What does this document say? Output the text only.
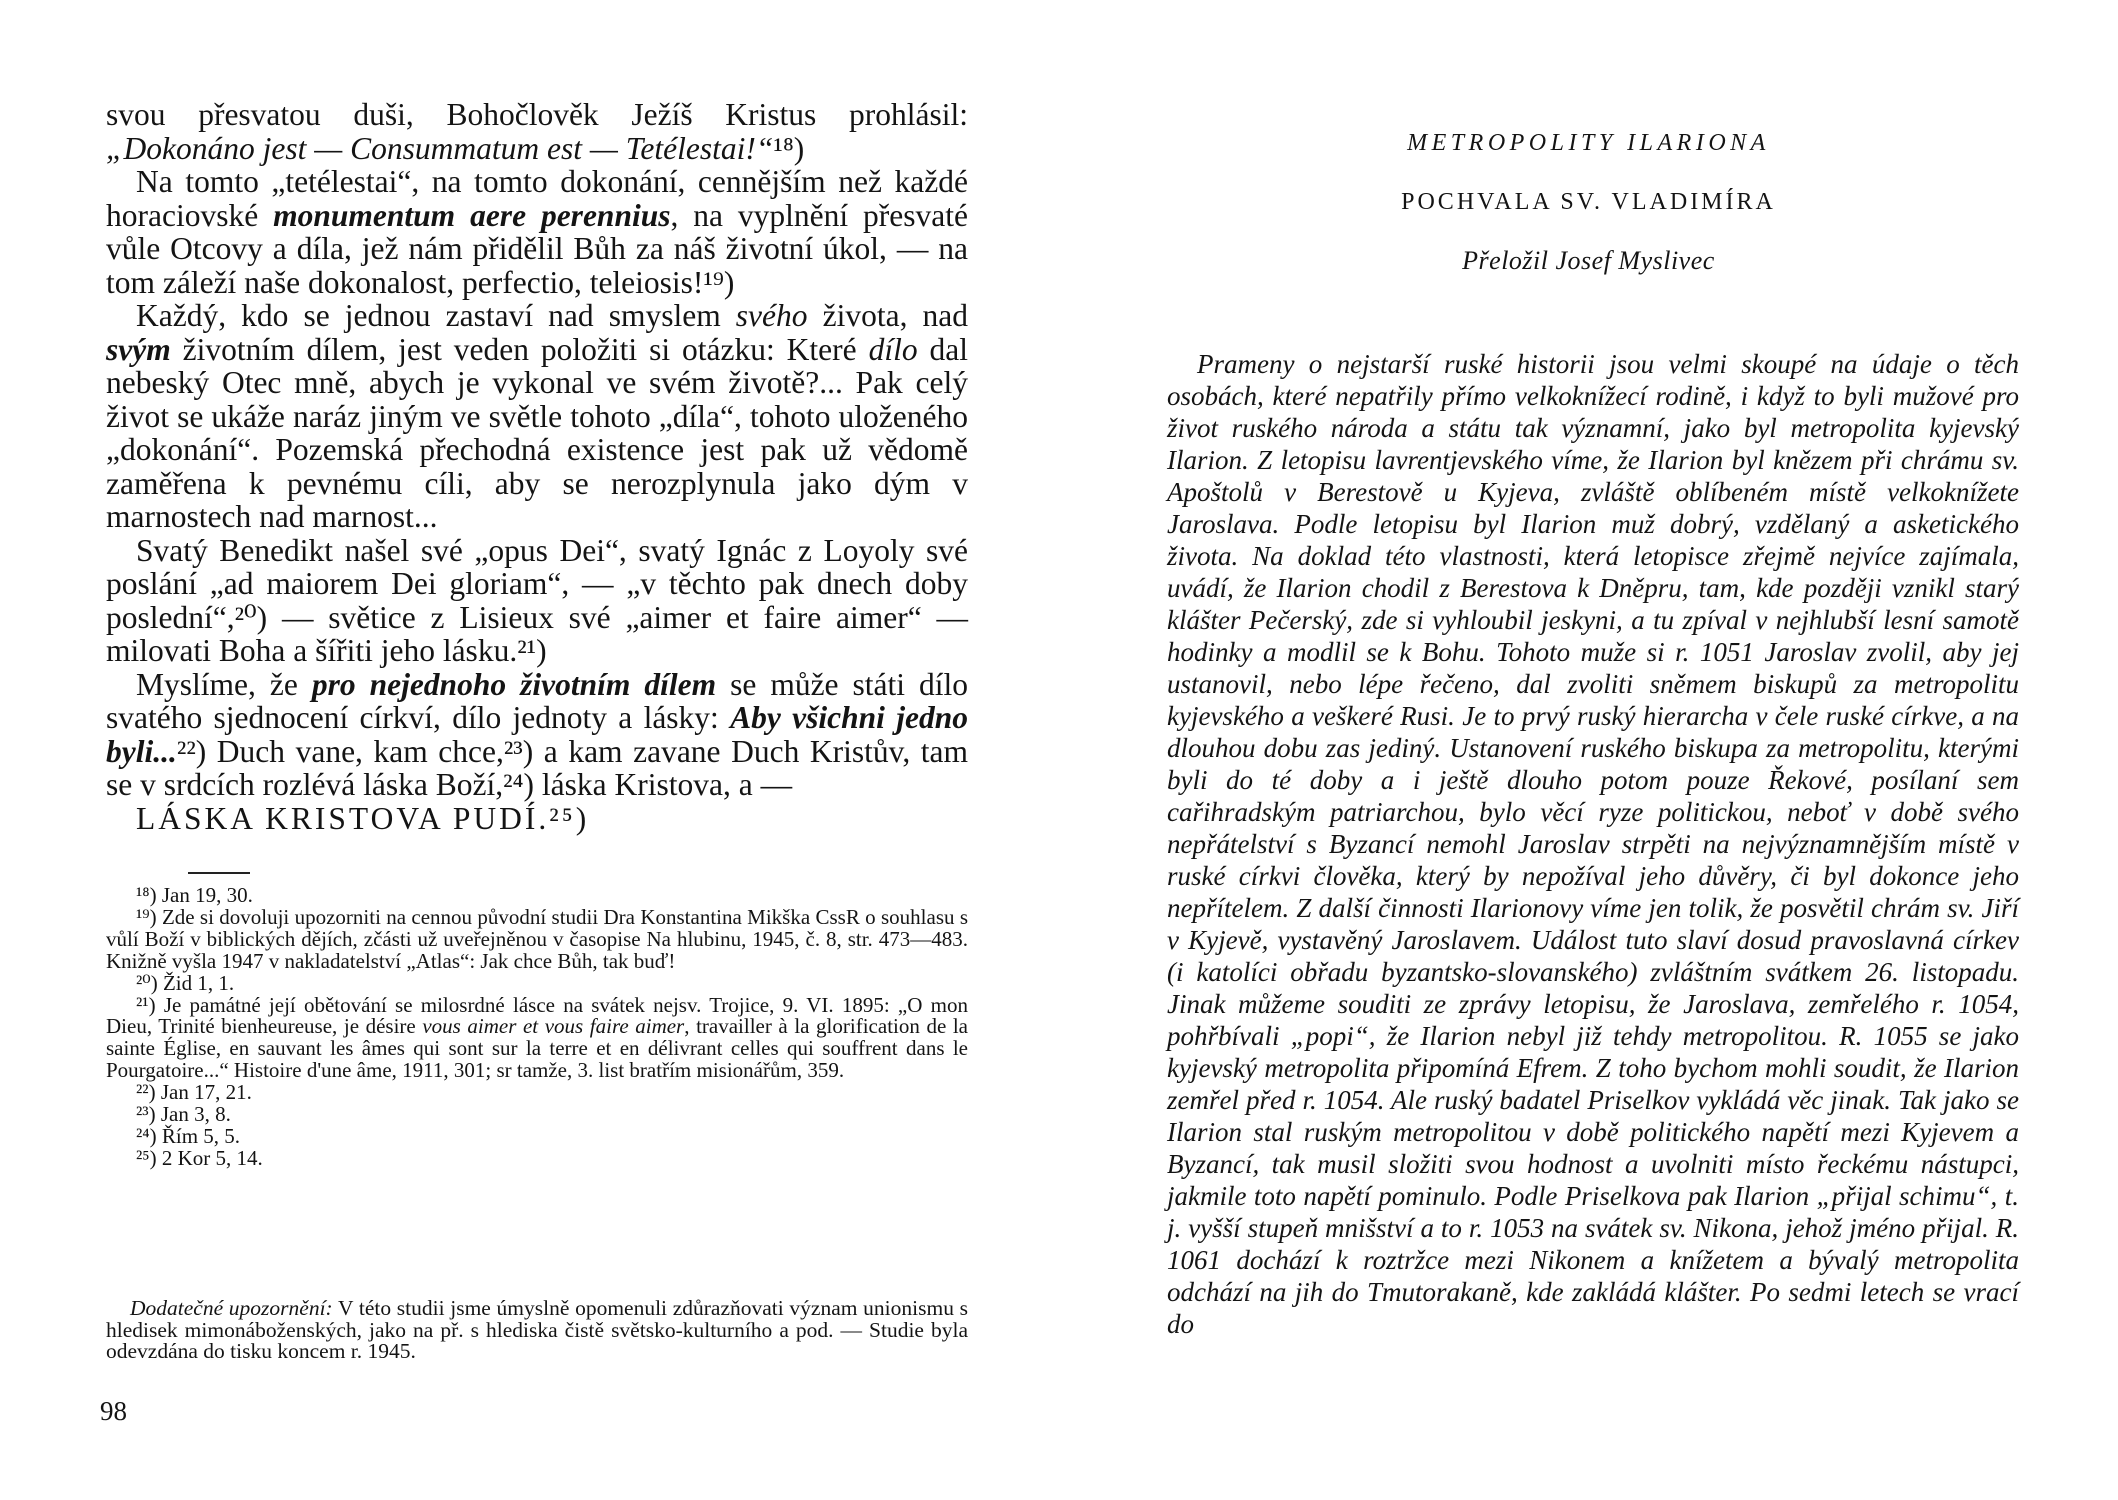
svou přesvatou duši, Bohočlověk Ježíš Kristus prohlásil: „Dokonáno jest — Consummatum est — Tetélestai!“¹⁸)

Na tomto „tetélestai“, na tomto dokonání, cennějším než každé horaciovské monumentum aere perennius, na vyplnění přesvaté vůle Otcovy a díla, jež nám přidělil Bůh za náš životní úkol, — na tom záleží naše dokonalost, perfectio, teleiosis!¹⁹)

Každý, kdo se jednou zastaví nad smyslem svého života, nad svým životním dílem, jest veden položiti si otázku: Které dílo dal nebeský Otec mně, abych je vykonal ve svém životě?... Pak celý život se ukáže naráz jiným ve světle tohoto „díla“, tohoto uloženého „dokonání“. Pozemská přechodná existence jest pak už vědomě zaměřena k pevnému cíli, aby se nerozplynula jako dým v marnostech nad marnost...

Svatý Benedikt našel své „opus Dei“, svatý Ignác z Loyoly své poslání „ad maiorem Dei gloriam“, — „v těchto pak dnech doby poslední“,²⁰) — světice z Lisieux své „aimer et faire aimer“ — milovati Boha a šířiti jeho lásku.²¹)

Myslíme, že pro nejednoho životním dílem se může státi dílo svatého sjednocení církví, dílo jednoty a lásky: Aby všichni jedno byli...²²) Duch vane, kam chce,²³) a kam zavane Duch Kristův, tam se v srdcích rozlévá láska Boží,²⁴) láska Kristova, a —

LÁSKA KRISTOVA PUDÍ.²⁵)

¹⁸) Jan 19, 30.

¹⁹) Zde si dovoluji upozorniti na cennou původní studii Dra Konstantina Mikška CssR o souhlasu s vůlí Boží v biblických dějích, zčásti už uveřejněnou v časopise Na hlubinu, 1945, č. 8, str. 473—483. Knižně vyšla 1947 v nakladatelství „Atlas“: Jak chce Bůh, tak buď!

²⁰) Žid 1, 1.

²¹) Je památné její obětování se milosrdné lásce na svátek nejsv. Trojice, 9. VI. 1895: „O mon Dieu, Trinité bienheureuse, je désire vous aimer et vous faire aimer, travailler à la glorification de la sainte Église, en sauvant les âmes qui sont sur la terre et en délivrant celles qui souffrent dans le Pourgatoire...“ Histoire d'une âme, 1911, 301; sr tamže, 3. list bratřím misionářům, 359.

²²) Jan 17, 21.

²³) Jan 3, 8.

²⁴) Řím 5, 5.

²⁵) 2 Kor 5, 14.

Dodatečné upozornění: V této studii jsme úmyslně opomenuli zdůrazňovati význam unionismu s hledisek mimonáboženských, jako na př. s hlediska čistě světsko-kulturního a pod. — Studie byla odevzdána do tisku koncem r. 1945.

98
METROPOLITY ILARIONA
POCHVALA SV. VLADIMÍRA
Přeložil Josef Myslivec

Prameny o nejstarší ruské historii jsou velmi skoupé na údaje o těch osobách, které nepatřily přímo velkoknížecí rodině, i když to byli mužové pro život ruského národa a státu tak významní, jako byl metropolita kyjevský Ilarion. Z letopisu lavrentjevského víme, že Ilarion byl knězem při chrámu sv. Apoštolů v Berestově u Kyjeva, zvláště oblíbeném místě velkoknížete Jaroslava. Podle letopisu byl Ilarion muž dobrý, vzdělaný a asketického života. Na doklad této vlastnosti, která letopisce zřejmě nejvíce zajímala, uvádí, že Ilarion chodil z Berestova k Dněpru, tam, kde později vznikl starý klášter Pečerský, zde si vyhloubil jeskyni, a tu zpíval v nejhlubší lesní samotě hodinky a modlil se k Bohu. Tohoto muže si r. 1051 Jaroslav zvolil, aby jej ustanovil, nebo lépe řečeno, dal zvoliti sněmem biskupů za metropolitu kyjevského a veškeré Rusi. Je to prvý ruský hierarcha v čele ruské církve, a na dlouhou dobu zas jediný. Ustanovení ruského biskupa za metropolitu, kterými byli do té doby a i ještě dlouho potom pouze Řekové, posílaní sem cařihradským patriarchou, bylo věcí ryze politickou, neboť v době svého nepřátelství s Byzancí nemohl Jaroslav strpěti na nejvýznamnějším místě v ruské církvi člověka, který by nepožíval jeho důvěry, či byl dokonce jeho nepřítelem. Z další činnosti Ilarionovy víme jen tolik, že posvětil chrám sv. Jiří v Kyjevě, vystavěný Jaroslavem. Událost tuto slaví dosud pravoslavná církev (i katolíci obřadu byzantsko-slovanského) zvláštním svátkem 26. listopadu. Jinak můžeme souditi ze zprávy letopisu, že Jaroslava, zemřelého r. 1054, pohřbívali „popi“, že Ilarion nebyl již tehdy metropolitou. R. 1055 se jako kyjevský metropolita připomíná Efrem. Z toho bychom mohli soudit, že Ilarion zemřel před r. 1054. Ale ruský badatel Priselkov vykládá věc jinak. Tak jako se Ilarion stal ruským metropolitou v době politického napětí mezi Kyjevem a Byzancí, tak musil složiti svou hodnost a uvolniti místo řeckému nástupci, jakmile toto napětí pominulo. Podle Priselkova pak Ilarion „přijal schimu“, t. j. vyšší stupeň mnišství a to r. 1053 na svátek sv. Nikona, jehož jméno přijal. R. 1061 dochází k roztržce mezi Nikonem a knížetem a bývalý metropolita odchází na jih do Tmutorakaně, kde zakládá klášter. Po sedmi letech se vrací do
